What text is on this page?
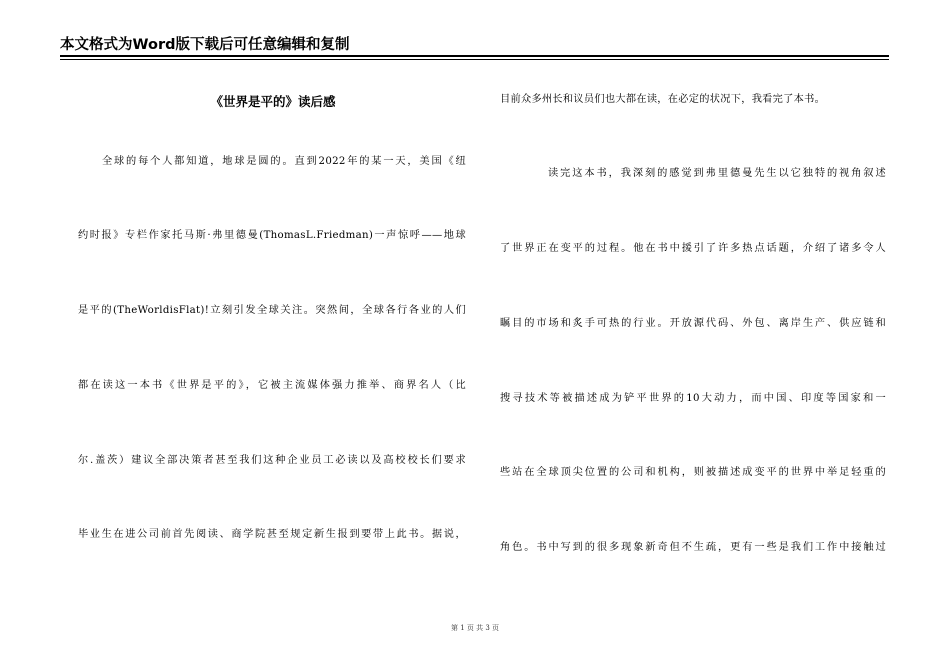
本文格式为Word版下载后可任意编辑和复制
《世界是平的》读后感
全球的每个人都知道，地球是圆的。直到2022年的某一天，美国《纽
约时报》专栏作家托马斯·弗里德曼(ThomasL.Friedman)一声惊呼——地球
是平的(TheWorldisFlat)!立刻引发全球关注。突然间，全球各行各业的人们
都在读这一本书《世界是平的》，它被主流媒体强力推举、商界名人（比
尔.盖茨）建议全部决策者甚至我们这种企业员工必读以及高校校长们要求
毕业生在进公司前首先阅读、商学院甚至规定新生报到要带上此书。据说，
目前众多州长和议员们也大都在读，在必定的状况下，我看完了本书。
读完这本书，我深刻的感觉到弗里德曼先生以它独特的视角叙述
了世界正在变平的过程。他在书中援引了许多热点话题，介绍了诸多令人
瞩目的市场和炙手可热的行业。开放源代码、外包、离岸生产、供应链和
搜寻技术等被描述成为铲平世界的10大动力，而中国、印度等国家和一
些站在全球顶尖位置的公司和机构，则被描述成变平的世界中举足轻重的
角色。书中写到的很多现象新奇但不生疏，更有一些是我们工作中接触过
第 1 页 共 3 页
